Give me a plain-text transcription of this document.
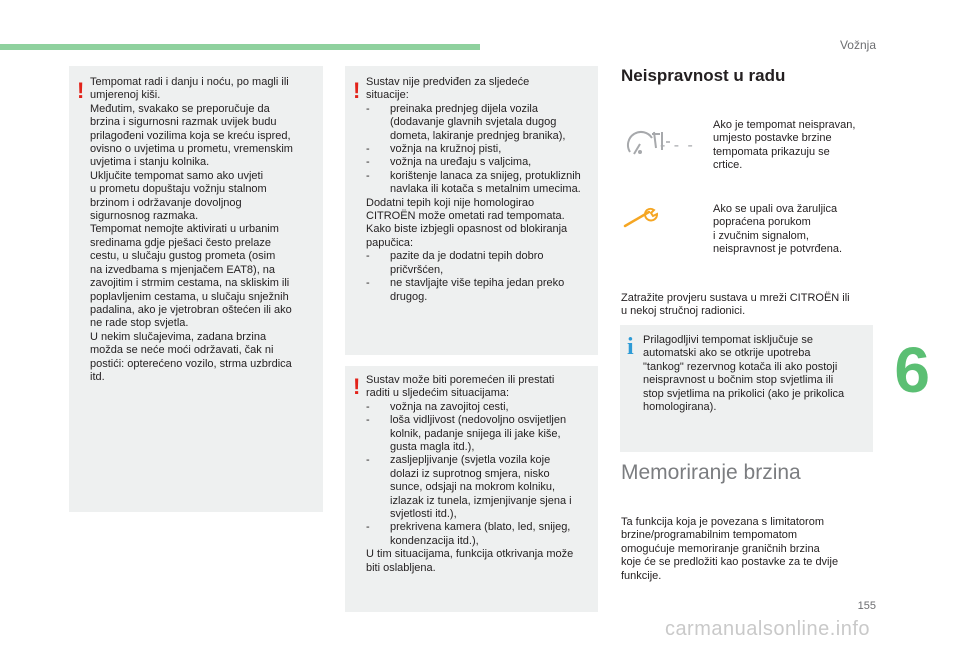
Vožnja
6
155
! Tempomat radi i danju i noću, po magli ili
umjerenoj kiši.
Međutim, svakako se preporučuje da
brzina i sigurnosni razmak uvijek budu
prilagođeni vozilima koja se kreću ispred,
ovisno o uvjetima u prometu, vremenskim
uvjetima i stanju kolnika.
Uključite tempomat samo ako uvjeti
u prometu dopuštaju vožnju stalnom
brzinom i održavanje dovoljnog
sigurnosnog razmaka.
Tempomat nemojte aktivirati u urbanim
sredinama gdje pješaci često prelaze
cestu, u slučaju gustog prometa (osim
na izvedbama s mjenjačem EAT8), na
zavojitim i strmim cestama, na skliskim ili
poplavljenim cestama, u slučaju snježnih
padalina, ako je vjetrobran oštećen ili ako
ne rade stop svjetla.
U nekim slučajevima, zadana brzina
možda se neće moći održavati, čak ni
postići: opterećeno vozilo, strma uzbrdica
itd.
! Sustav nije predviđen za sljedeće
situacije:
- preinaka prednjeg dijela vozila
(dodavanje glavnih svjetala dugog
dometa, lakiranje prednjeg branika),
- vožnja na kružnoj pisti,
- vožnja na uređaju s valjcima,
- korištenje lanaca za snijeg, protukliznih
navlaka ili kotača s metalnim umecima.
Dodatni tepih koji nije homologirao
CITROËN može ometati rad tempomata.
Kako biste izbjegli opasnost od blokiranja
papučica:
- pazite da je dodatni tepih dobro
pričvršćen,
- ne stavljajte više tepiha jedan preko
drugog.
! Sustav može biti poremećen ili prestati
raditi u sljedećim situacijama:
- vožnja na zavojitoj cesti,
- loša vidljivost (nedovoljno osvijetljen
kolnik, padanje snijega ili jake kiše,
gusta magla itd.),
- zasljepljivanje (svjetla vozila koje
dolazi iz suprotnog smjera, nisko
sunce, odsjaji na mokrom kolniku,
izlazak iz tunela, izmjenjivanje sjena i
svjetlosti itd.),
- prekrivena kamera (blato, led, snijeg,
kondenzacija itd.),
U tim situacijama, funkcija otkrivanja može
biti oslabljena.
Neispravnost u radu
- - -
Ako je tempomat neispravan,
umjesto postavke brzine
tempomata prikazuju se
crtice.
Ako se upali ova žaruljica
popraćena porukom
i zvučnim signalom,
neispravnost je potvrđena.
Zatražite provjeru sustava u mreži CITROËN ili
u nekoj stručnoj radionici.
i Prilagodljivi tempomat isključuje se
automatski ako se otkrije upotreba
"tankog" rezervnog kotača ili ako postoji
neispravnost u bočnim stop svjetlima ili
stop svjetlima na prikolici (ako je prikolica
homologirana).
Memoriranje brzina
Ta funkcija koja je povezana s limitatorom
brzine/programabilnim tempomatom
omogućuje memoriranje graničnih brzina
koje će se predložiti kao postavke za te dvije
funkcije.
carmanualsonline.info
